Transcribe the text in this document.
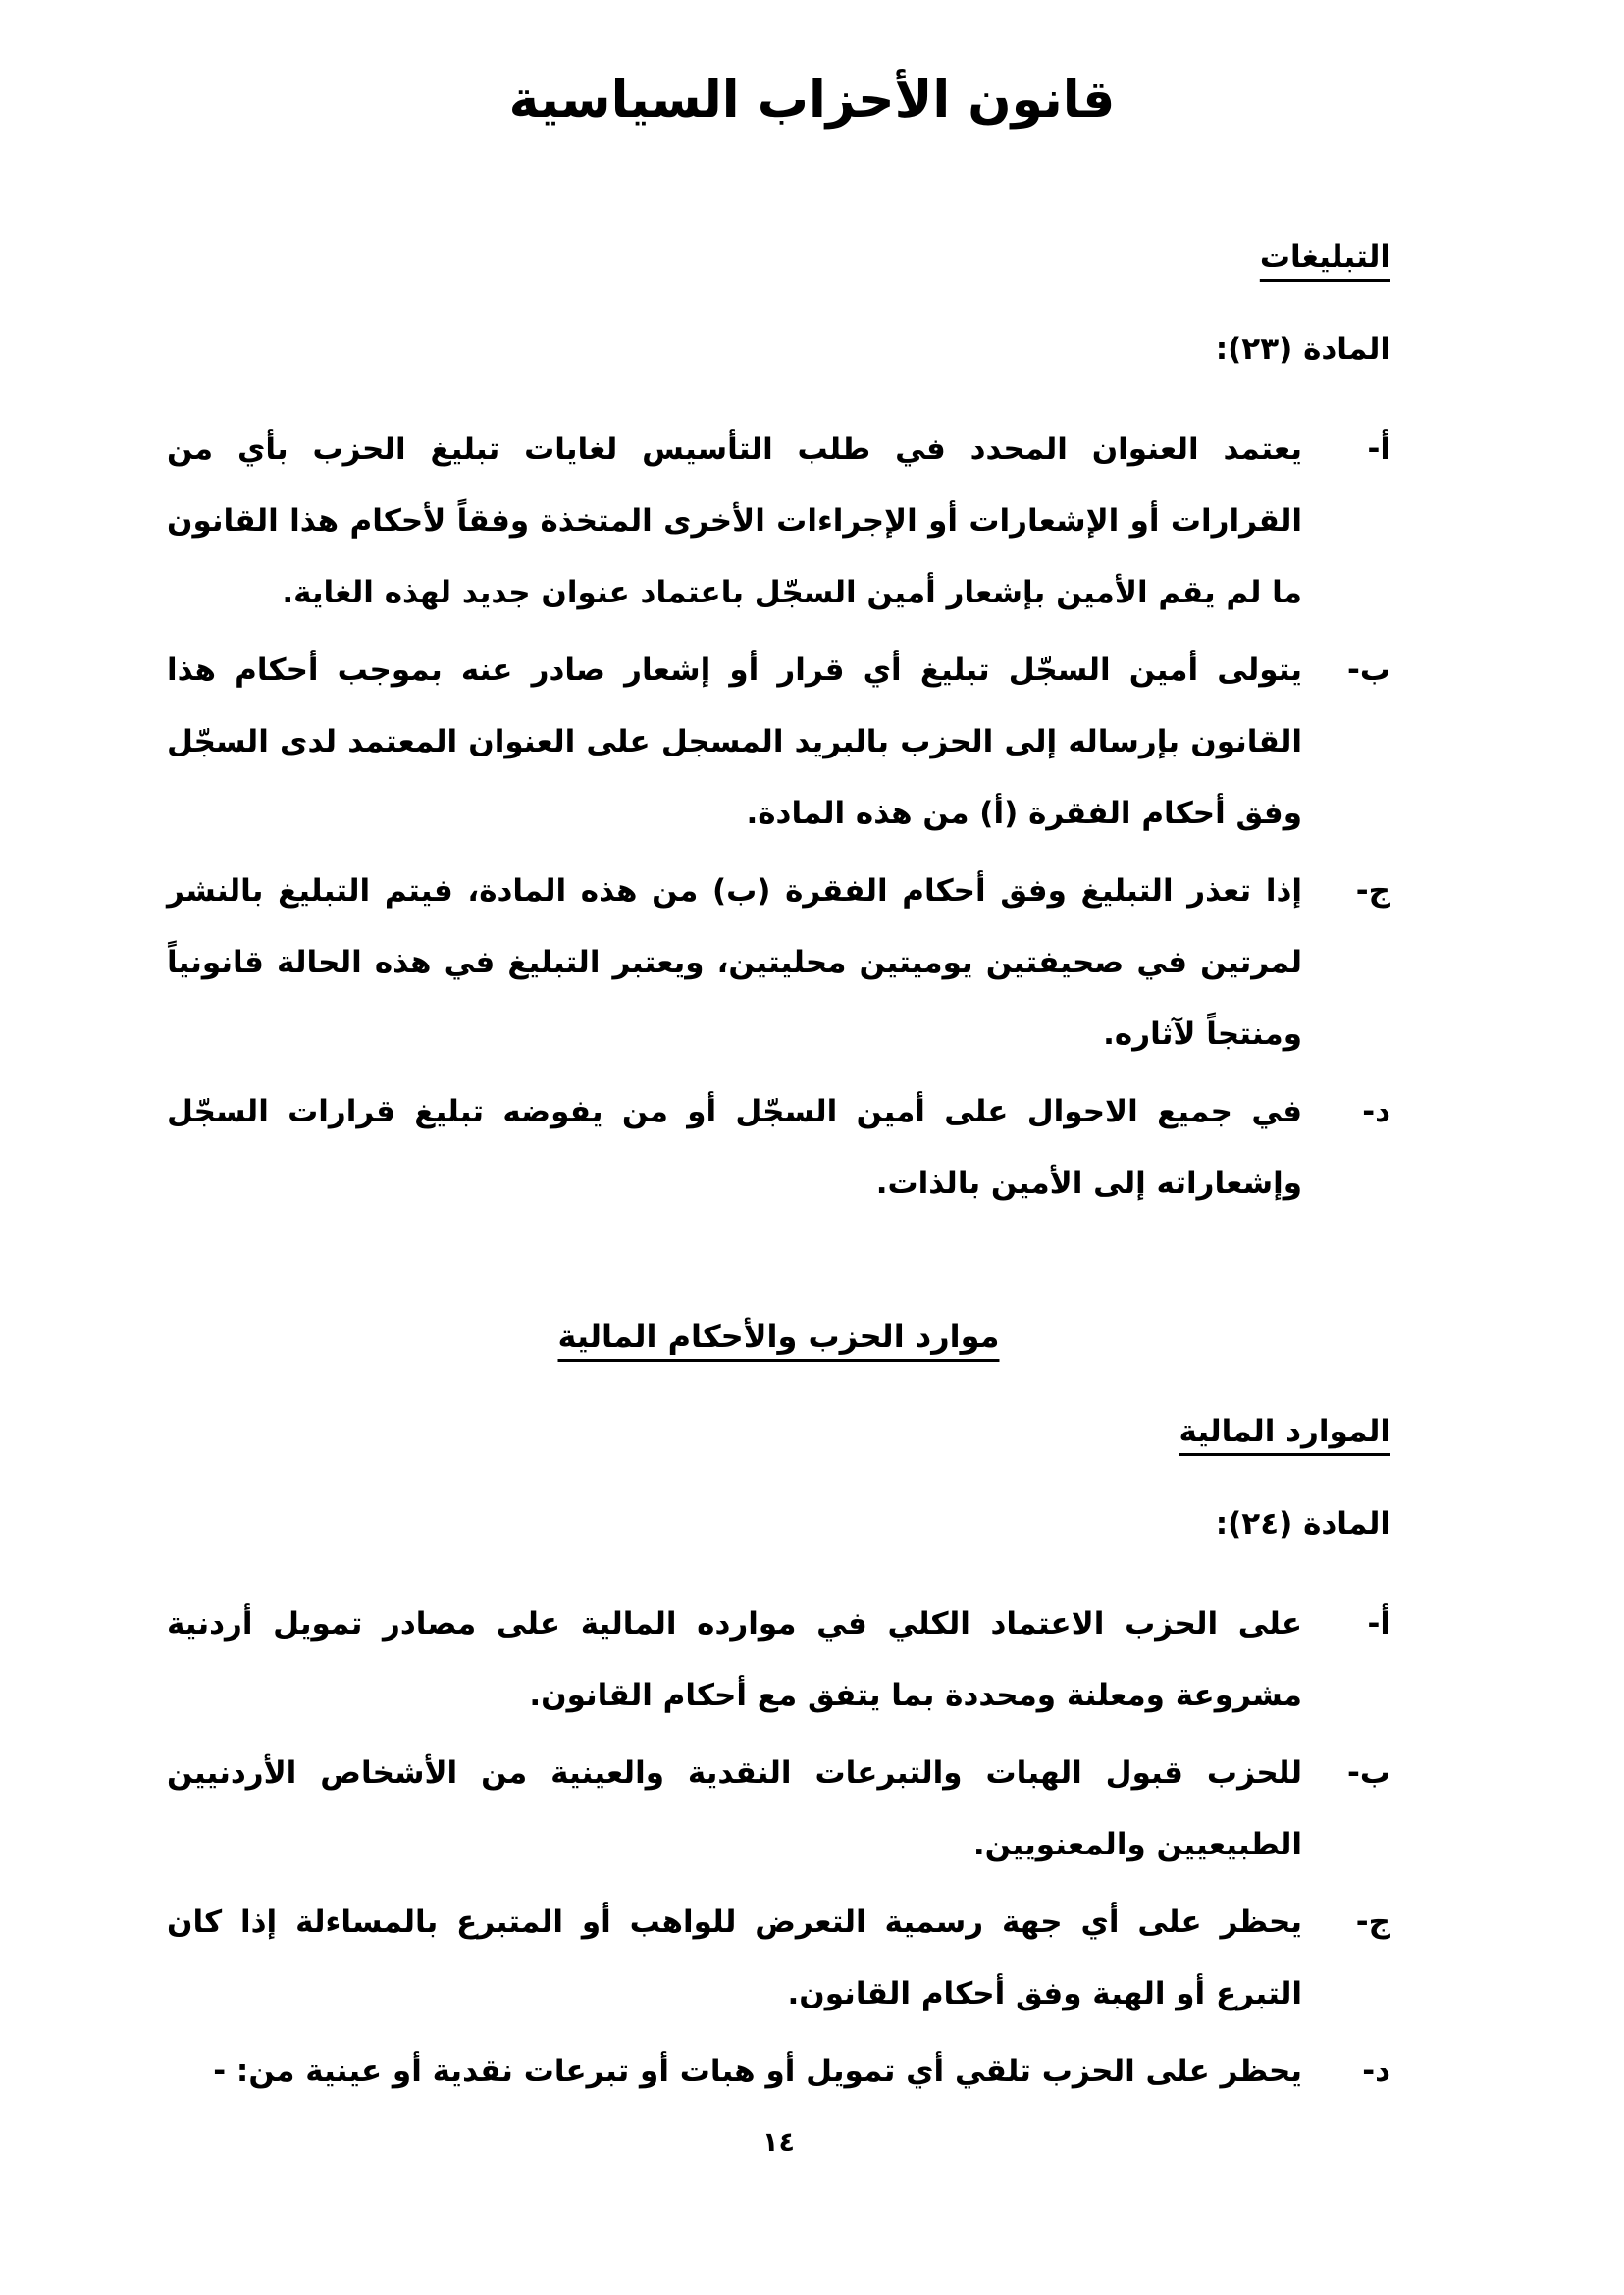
قانون الأحزاب السياسية
التبليغات
المادة (٢٣):
أ-
يعتمد العنوان المحدد في طلب التأسيس لغايات تبليغ الحزب بأي من القرارات أو الإشعارات أو الإجراءات الأخرى المتخذة وفقاً لأحكام هذا القانون ما لم يقم الأمين بإشعار أمين السجّل باعتماد عنوان جديد لهذه الغاية.
ب-
يتولى أمين السجّل تبليغ أي قرار أو إشعار صادر عنه بموجب أحكام هذا القانون بإرساله إلى الحزب بالبريد المسجل على العنوان المعتمد لدى السجّل وفق أحكام الفقرة (أ) من هذه المادة.
ج-
إذا تعذر التبليغ وفق أحكام الفقرة (ب) من هذه المادة، فيتم التبليغ بالنشر لمرتين في صحيفتين يوميتين محليتين، ويعتبر التبليغ في هذه الحالة قانونياً ومنتجاً لآثاره.
د-
في جميع الاحوال على أمين السجّل أو من يفوضه تبليغ قرارات السجّل وإشعاراته إلى الأمين بالذات.
موارد الحزب والأحكام المالية
الموارد المالية
المادة (٢٤):
أ-
على الحزب الاعتماد الكلي في موارده المالية على مصادر تمويل أردنية مشروعة ومعلنة ومحددة بما يتفق مع أحكام القانون.
ب-
للحزب قبول الهبات والتبرعات النقدية والعينية من الأشخاص الأردنيين الطبيعيين والمعنويين.
ج-
يحظر على أي جهة رسمية التعرض للواهب أو المتبرع بالمساءلة إذا كان التبرع أو الهبة وفق أحكام القانون.
د-
يحظر على الحزب تلقي أي تمويل أو هبات أو تبرعات نقدية أو عينية من: -
١٤
